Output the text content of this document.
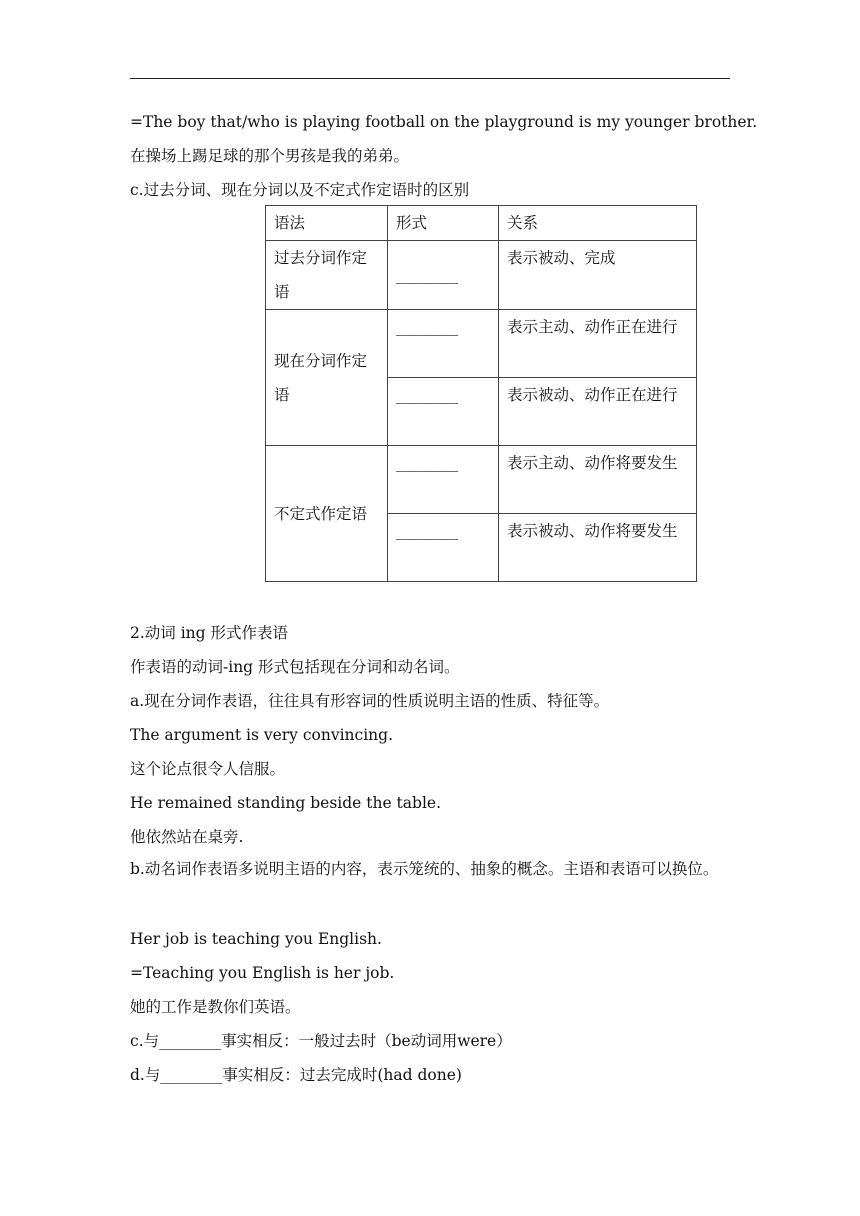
=The boy that/who is playing football on the playground is my younger brother.
在操场上踢足球的那个男孩是我的弟弟。
c.过去分词、现在分词以及不定式作定语时的区别
语法	形式	关系
过去分词作定语	________	表示被动、完成
现在分词作定语	________	表示主动、动作正在进行
	________	表示被动、动作正在进行
不定式作定语	________	表示主动、动作将要发生
	________	表示被动、动作将要发生
2.动词 ing 形式作表语
作表语的动词-ing 形式包括现在分词和动名词。
a.现在分词作表语，往往具有形容词的性质说明主语的性质、特征等。
The argument is very convincing.
这个论点很令人信服。
He remained standing beside the table.
他依然站在桌旁.
b.动名词作表语多说明主语的内容，表示笼统的、抽象的概念。主语和表语可以换位。
Her job is teaching you English.
=Teaching you English is her job.
她的工作是教你们英语。
c.与________事实相反：一般过去时（be动词用were）
d.与________事实相反：过去完成时(had done)
